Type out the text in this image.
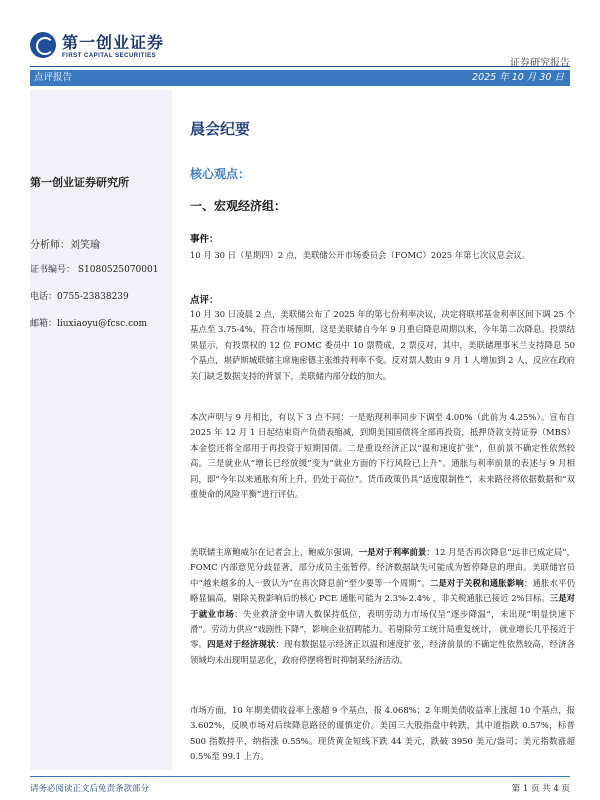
第一创业证券
FIRST CAPITAL SECURITIES
证券研究报告
点评报告	2025 年 10 月 30 日
第一创业证券研究所
分析师：刘笑瑜
证书编号： S1080525070001
电话：0755-23838239
邮箱：liuxiaoyu@fcsc.com
晨会纪要
核心观点：
一、宏观经济组：
事件：

10 月 30 日（星期四）2 点，美联储公开市场委员会（FOMC）2025 年第七次议息会议。

点评：

10 月 30 日凌晨 2 点，美联储公布了 2025 年的第七份利率决议，决定将联邦基金利率区间下调 25 个基点至 3.75-4%，符合市场预期，这是美联储自今年 9 月重启降息周期以来，今年第二次降息。投票结果显示，有投票权的 12 位 FOMC 委员中 10 票赞成，2 票反对，其中，美联储理事米兰支持降息 50 个基点，堪萨斯城联储主席施密德主张维持利率不变。反对票人数由 9 月 1 人增加到 2 人，反应在政府关门缺乏数据支持的背景下，美联储内部分歧的加大。

本次声明与 9 月相比，有以下 3 点不同：一是贴现利率同步下调至 4.00%（此前为 4.25%）。宣布自 2025 年 12 月 1 日起结束资产负债表缩减，到期美国国债将全部再投资，抵押贷款支持证券（MBS）本金偿还将全部用于再投资于短期国债。二是重设经济正以“温和速度扩张”，但前景不确定性依然较高。三是就业从“增长已经放缓”变为“就业方面的下行风险已上升”。通胀与利率前景的表述与 9 月相同，即“今年以来通胀有所上升，仍处于高位”。货币政策仍具“适度限制性”，未来路径将依据数据和“双重使命的风险平衡”进行评估。

美联储主席鲍威尔在记者会上，鲍威尔强调，一是对于利率前景：12 月是否再次降息“远非已成定局”，FOMC 内部意见分歧显著，部分成员主张暂停。经济数据缺失可能成为暂停降息的理由。美联储官员中“越来越多的人一致认为”在再次降息前“至少要等一个周期”。二是对于关税和通胀影响：通胀水平仍略显偏高，剔除关税影响后的核心 PCE 通胀可能为 2.3%-2.4% ，非关税通胀已接近 2%目标。三是对于就业市场：失业救济金申请人数保持低位，表明劳动力市场仅呈“逐步降温”，未出现“明显快速下滑”。劳动力供应“戏剧性下降”，影响企业招聘能力。若剔除劳工统计局重复统计， 就业增长几乎接近于零。四是对于经济现状：现有数据显示经济正以温和速度扩张，经济前景的不确定性依然较高，经济各领域均未出现明显恶化，政府停摆将暂时抑制某经济活动。

市场方面，10 年期美债收益率上涨超 9 个基点，报 4.068%；2 年期美债收益率上涨超 10 个基点，报 3.602%，反映市场对后续降息路径的谨慎定价。美国三大股指盘中转跌，其中道指跌 0.57%，标普 500 指数持平，纳指涨 0.55%。现货黄金短线下跌 44 美元，跌破 3950 美元/盎司；美元指数涨超 0.5%至 99.1 上方。

请务必阅读正文后免责条款部分	第 1 页 共 4 页
